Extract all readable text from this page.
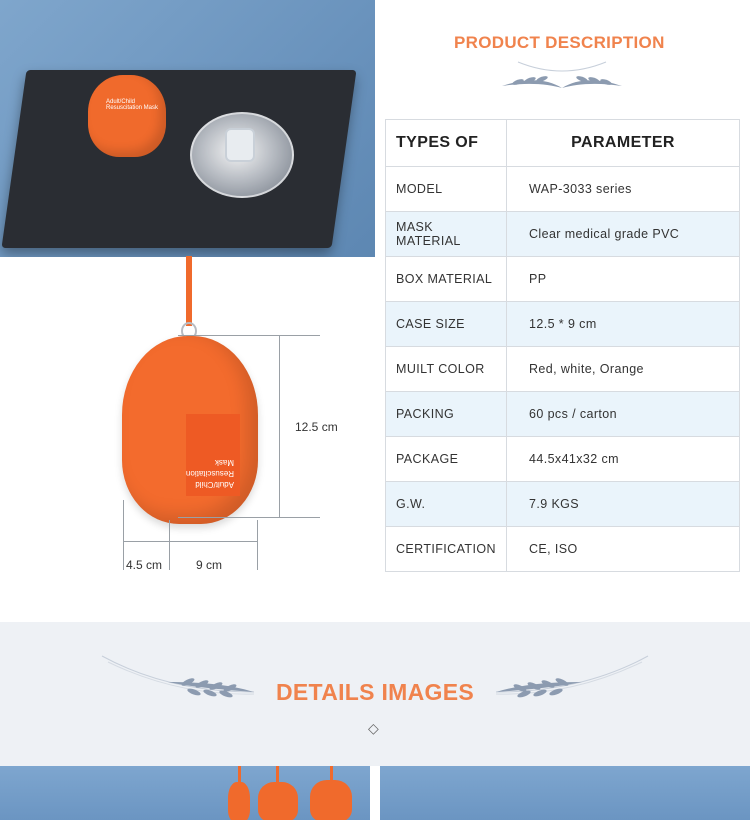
Adult/Child
Resuscitation Mask
Adult/Child
Resuscitation Mask
12.5 cm
4.5 cm	9 cm
PRODUCT DESCRIPTION
TYPES OF	PARAMETER
MODEL	WAP-3033 series
MASK MATERIAL	Clear medical grade PVC
BOX MATERIAL	PP
CASE SIZE	12.5 * 9 cm
MUILT COLOR	Red, white, Orange
PACKING	60 pcs / carton
PACKAGE	44.5x41x32 cm
G.W.	7.9 KGS
CERTIFICATION	CE, ISO
DETAILS IMAGES
◇
